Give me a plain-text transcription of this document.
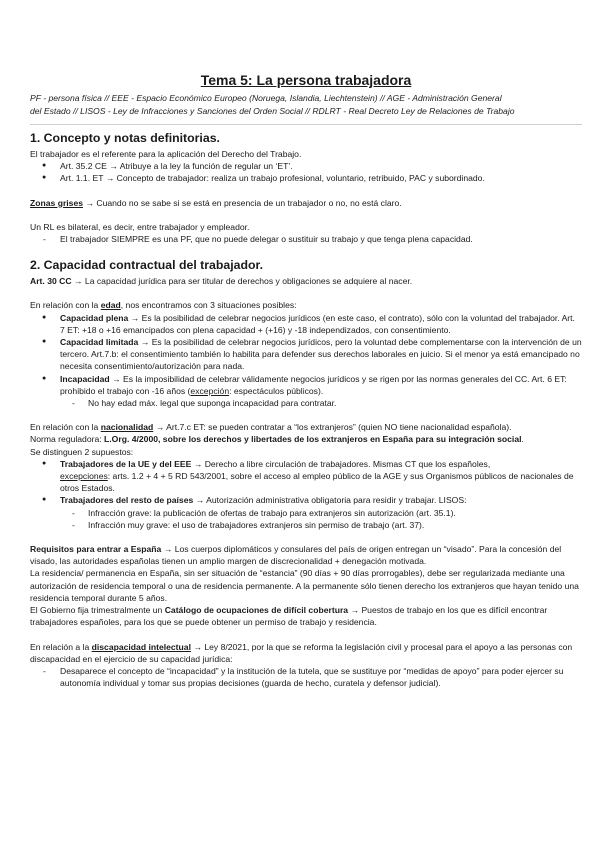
Tema 5: La persona trabajadora

PF - persona física // EEE - Espacio Económico Europeo (Noruega, Islandia, Liechtenstein) // AGE - Administración General

del Estado // LISOS - Ley de Infracciones y Sanciones del Orden Social // RDLRT - Real Decreto Ley de Relaciones de Trabajo

1. Concepto y notas definitorias.

El trabajador es el referente para la aplicación del Derecho del Trabajo.

● Art. 35.2 CE → Atribuye a la ley la función de regular un ‘ET’.
● Art. 1.1. ET → Concepto de trabajador: realiza un trabajo profesional, voluntario, retribuido, PAC y subordinado.

Zonas grises → Cuando no se sabe si se está en presencia de un trabajador o no, no está claro.

Un RL es bilateral, es decir, entre trabajador y empleador.

- El trabajador SIEMPRE es una PF, que no puede delegar o sustituir su trabajo y que tenga plena capacidad.
2. Capacidad contractual del trabajador.

Art. 30 CC → La capacidad jurídica para ser titular de derechos y obligaciones se adquiere al nacer.

En relación con la edad, nos encontramos con 3 situaciones posibles:

● Capacidad plena → Es la posibilidad de celebrar negocios jurídicos (en este caso, el contrato), sólo con la voluntad del trabajador. Art. 7 ET: +18 o +16 emancipados con plena capacidad + (+16) y -18 independizados, con consentimiento.
● Capacidad limitada → Es la posibilidad de celebrar negocios jurídicos, pero la voluntad debe complementarse con la intervención de un tercero. Art.7.b: el consentimiento también lo habilita para defender sus derechos laborales en juicio. Si el menor ya está emancipado no necesita consentimiento/autorización para nada.
● Incapacidad → Es la imposibilidad de celebrar válidamente negocios jurídicos y se rigen por las normas generales del CC. Art. 6 ET: prohibido el trabajo con -16 años (excepción: espectáculos públicos).
- No hay edad máx. legal que suponga incapacidad para contratar.

En relación con la nacionalidad → Art.7.c ET: se pueden contratar a “los extranjeros” (quien NO tiene nacionalidad española).

Norma reguladora: L.Org. 4/2000, sobre los derechos y libertades de los extranjeros en España para su integración social.

Se distinguen 2 supuestos:

● Trabajadores de la UE y del EEE → Derecho a libre circulación de trabajadores. Mismas CT que los españoles,
excepciones: arts. 1.2 + 4 + 5 RD 543/2001, sobre el acceso al empleo público de la AGE y sus Organismos públicos de nacionales de otros Estados.
● Trabajadores del resto de países → Autorización administrativa obligatoria para residir y trabajar. LISOS:
- Infracción grave: la publicación de ofertas de trabajo para extranjeros sin autorización (art. 35.1).
- Infracción muy grave: el uso de trabajadores extranjeros sin permiso de trabajo (art. 37).

Requisitos para entrar a España → Los cuerpos diplomáticos y consulares del país de origen entregan un “visado”. Para la concesión del visado, las autoridades españolas tienen un amplio margen de discrecionalidad + denegación motivada.

La residencia/ permanencia en España, sin ser situación de “estancia” (90 días + 90 días prorrogables), debe ser regularizada mediante una autorización de residencia temporal o una de residencia permanente. A la permanente sólo tienen derecho los extranjeros que hayan tenido una residencia temporal durante 5 años.

El Gobierno fija trimestralmente un Catálogo de ocupaciones de difícil cobertura → Puestos de trabajo en los que es difícil encontrar trabajadores españoles, para los que se puede obtener un permiso de trabajo y residencia.

En relación a la discapacidad intelectual → Ley 8/2021, por la que se reforma la legislación civil y procesal para el apoyo a las personas con discapacidad en el ejercicio de su capacidad jurídica:

- Desaparece el concepto de “incapacidad” y la institución de la tutela, que se sustituye por “medidas de apoyo” para poder ejercer su autonomía individual y tomar sus propias decisiones (guarda de hecho, curatela y defensor judicial).
